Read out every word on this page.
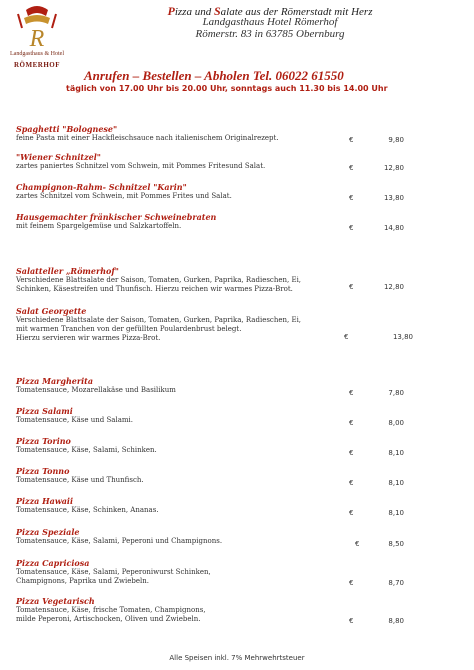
R
Landgasthaus & Hotel
RÖMERHOF
Pizza und Salate aus der Römerstadt mit Herz
Landgasthaus Hotel Römerhof
Römerstr. 83 in 63785 Obernburg
Anrufen – Bestellen – Abholen Tel. 06022 61550
täglich von 17.00 Uhr bis 20.00 Uhr, sonntags auch 11.30 bis 14.00 Uhr
Spaghetti "Bolognese"
feine Pasta mit einer Hackfleischsauce nach italienischem Originalrezept.	€	9,80
"Wiener Schnitzel"
zartes paniertes Schnitzel vom Schwein, mit Pommes Fritesund Salat.	€	12,80
Champignon-Rahm- Schnitzel "Karin"
zartes Schnitzel vom Schwein, mit Pommes Frites und Salat.	€	13,80
Hausgemachter fränkischer Schweinebraten
mit feinem Spargelgemüse und Salzkartoffeln.	€	14,80
Salatteller „Römerhof"
Verschiedene Blattsalate der Saison, Tomaten, Gurken, Paprika, Radieschen, Ei,
Schinken, Käsestreifen und Thunfisch. Hierzu reichen wir warmes Pizza-Brot.	€	12,80
Salat Georgette
Verschiedene Blattsalate der Saison, Tomaten, Gurken, Paprika, Radieschen, Ei,
mit warmen Tranchen von der gefüllten Poulardenbrust belegt.
Hierzu servieren wir warmes Pizza-Brot.	€	13,80
Pizza Margherita
Tomatensauce, Mozarellakäse und Basilikum	€	7,80
Pizza Salami
Tomatensauce, Käse und Salami.	€	8,00
Pizza Torino
Tomatensauce, Käse, Salami, Schinken.	€	8,10
Pizza Tonno
Tomatensauce, Käse und Thunfisch.	€	8,10
Pizza Hawaii
Tomatensauce, Käse, Schinken, Ananas.	€	8,10
Pizza Speziale
Tomatensauce, Käse, Salami, Peperoni und Champignons.	€	8,50
Pizza Capriciosa
Tomatensauce, Käse, Salami, Peperoniwurst Schinken,
Champignons, Paprika und Zwiebeln.	€	8,70
Pizza Vegetarisch
Tomatensauce, Käse, frische Tomaten, Champignons,
milde Peperoni, Artischocken, Oliven und Zwiebeln.	€	8,80
Alle Speisen inkl. 7% Mehrwehrtsteuer
